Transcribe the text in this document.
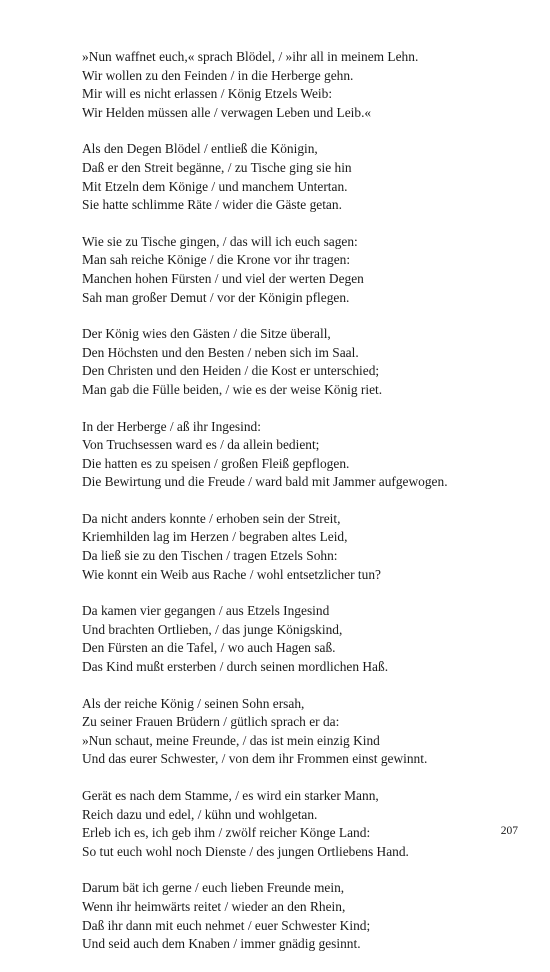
»Nun waffnet euch,« sprach Blödel, / »ihr all in meinem Lehn.
Wir wollen zu den Feinden / in die Herberge gehn.
Mir will es nicht erlassen / König Etzels Weib:
Wir Helden müssen alle / verwagen Leben und Leib.«
Als den Degen Blödel / entließ die Königin,
Daß er den Streit begänne, / zu Tische ging sie hin
Mit Etzeln dem Könige / und manchem Untertan.
Sie hatte schlimme Räte / wider die Gäste getan.
Wie sie zu Tische gingen, / das will ich euch sagen:
Man sah reiche Könige / die Krone vor ihr tragen:
Manchen hohen Fürsten / und viel der werten Degen
Sah man großer Demut / vor der Königin pflegen.
Der König wies den Gästen / die Sitze überall,
Den Höchsten und den Besten / neben sich im Saal.
Den Christen und den Heiden / die Kost er unterschied;
Man gab die Fülle beiden, / wie es der weise König riet.
In der Herberge / aß ihr Ingesind:
Von Truchsessen ward es / da allein bedient;
Die hatten es zu speisen / großen Fleiß gepflogen.
Die Bewirtung und die Freude / ward bald mit Jammer aufgewogen.
Da nicht anders konnte / erhoben sein der Streit,
Kriemhilden lag im Herzen / begraben altes Leid,
Da ließ sie zu den Tischen / tragen Etzels Sohn:
Wie konnt ein Weib aus Rache / wohl entsetzlicher tun?
Da kamen vier gegangen / aus Etzels Ingesind
Und brachten Ortlieben, / das junge Königskind,
Den Fürsten an die Tafel, / wo auch Hagen saß.
Das Kind mußt ersterben / durch seinen mordlichen Haß.
Als der reiche König / seinen Sohn ersah,
Zu seiner Frauen Brüdern / gütlich sprach er da:
»Nun schaut, meine Freunde, / das ist mein einzig Kind
Und das eurer Schwester, / von dem ihr Frommen einst gewinnt.
Gerät es nach dem Stamme, / es wird ein starker Mann,
Reich dazu und edel, / kühn und wohlgetan.
Erleb ich es, ich geb ihm / zwölf reicher Könge Land:
So tut euch wohl noch Dienste / des jungen Ortliebens Hand.
Darum bät ich gerne / euch lieben Freunde mein,
Wenn ihr heimwärts reitet / wieder an den Rhein,
Daß ihr dann mit euch nehmet / euer Schwester Kind;
Und seid auch dem Knaben / immer gnädig gesinnt.
207
